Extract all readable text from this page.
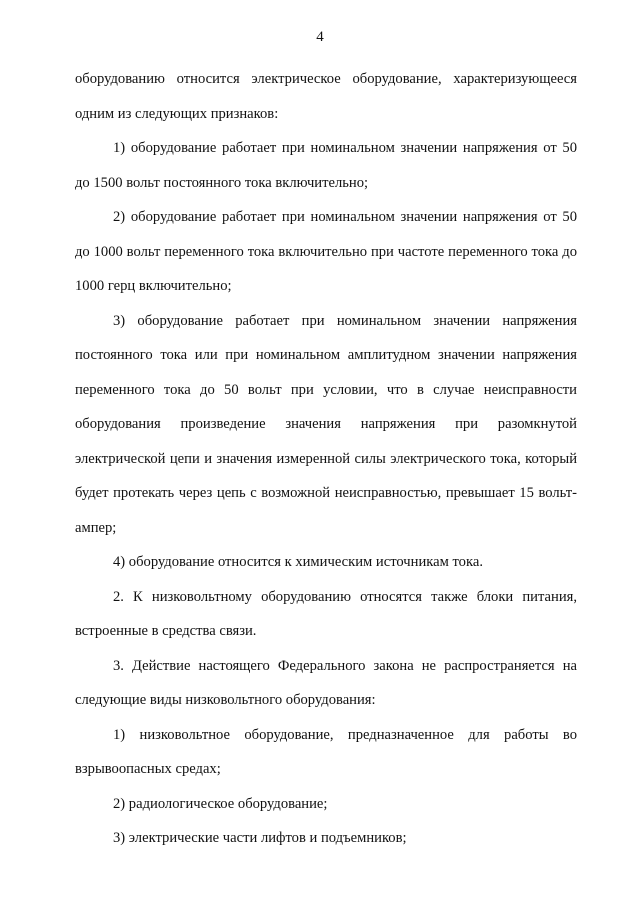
4

оборудованию относится электрическое оборудование, характеризующееся одним из следующих признаков:

1) оборудование работает при номинальном значении напряжения от 50 до 1500 вольт постоянного тока включительно;

2) оборудование работает при номинальном значении напряжения от 50 до 1000 вольт переменного тока включительно при частоте переменного тока до 1000 герц включительно;

3) оборудование работает при номинальном значении напряжения постоянного тока или при номинальном амплитудном значении напряжения переменного тока до 50 вольт при условии, что в случае неисправности оборудования произведение значения напряжения при разомкнутой электрической цепи и значения измеренной силы электрического тока, который будет протекать через цепь с возможной неисправностью, превышает 15 вольт-ампер;

4) оборудование относится к химическим источникам тока.

2. К низковольтному оборудованию относятся также блоки питания, встроенные в средства связи.

3. Действие настоящего Федерального закона не распространяется на следующие виды низковольтного оборудования:

1) низковольтное оборудование, предназначенное для работы во взрывоопасных средах;

2) радиологическое оборудование;

3) электрические части лифтов и подъемников;
